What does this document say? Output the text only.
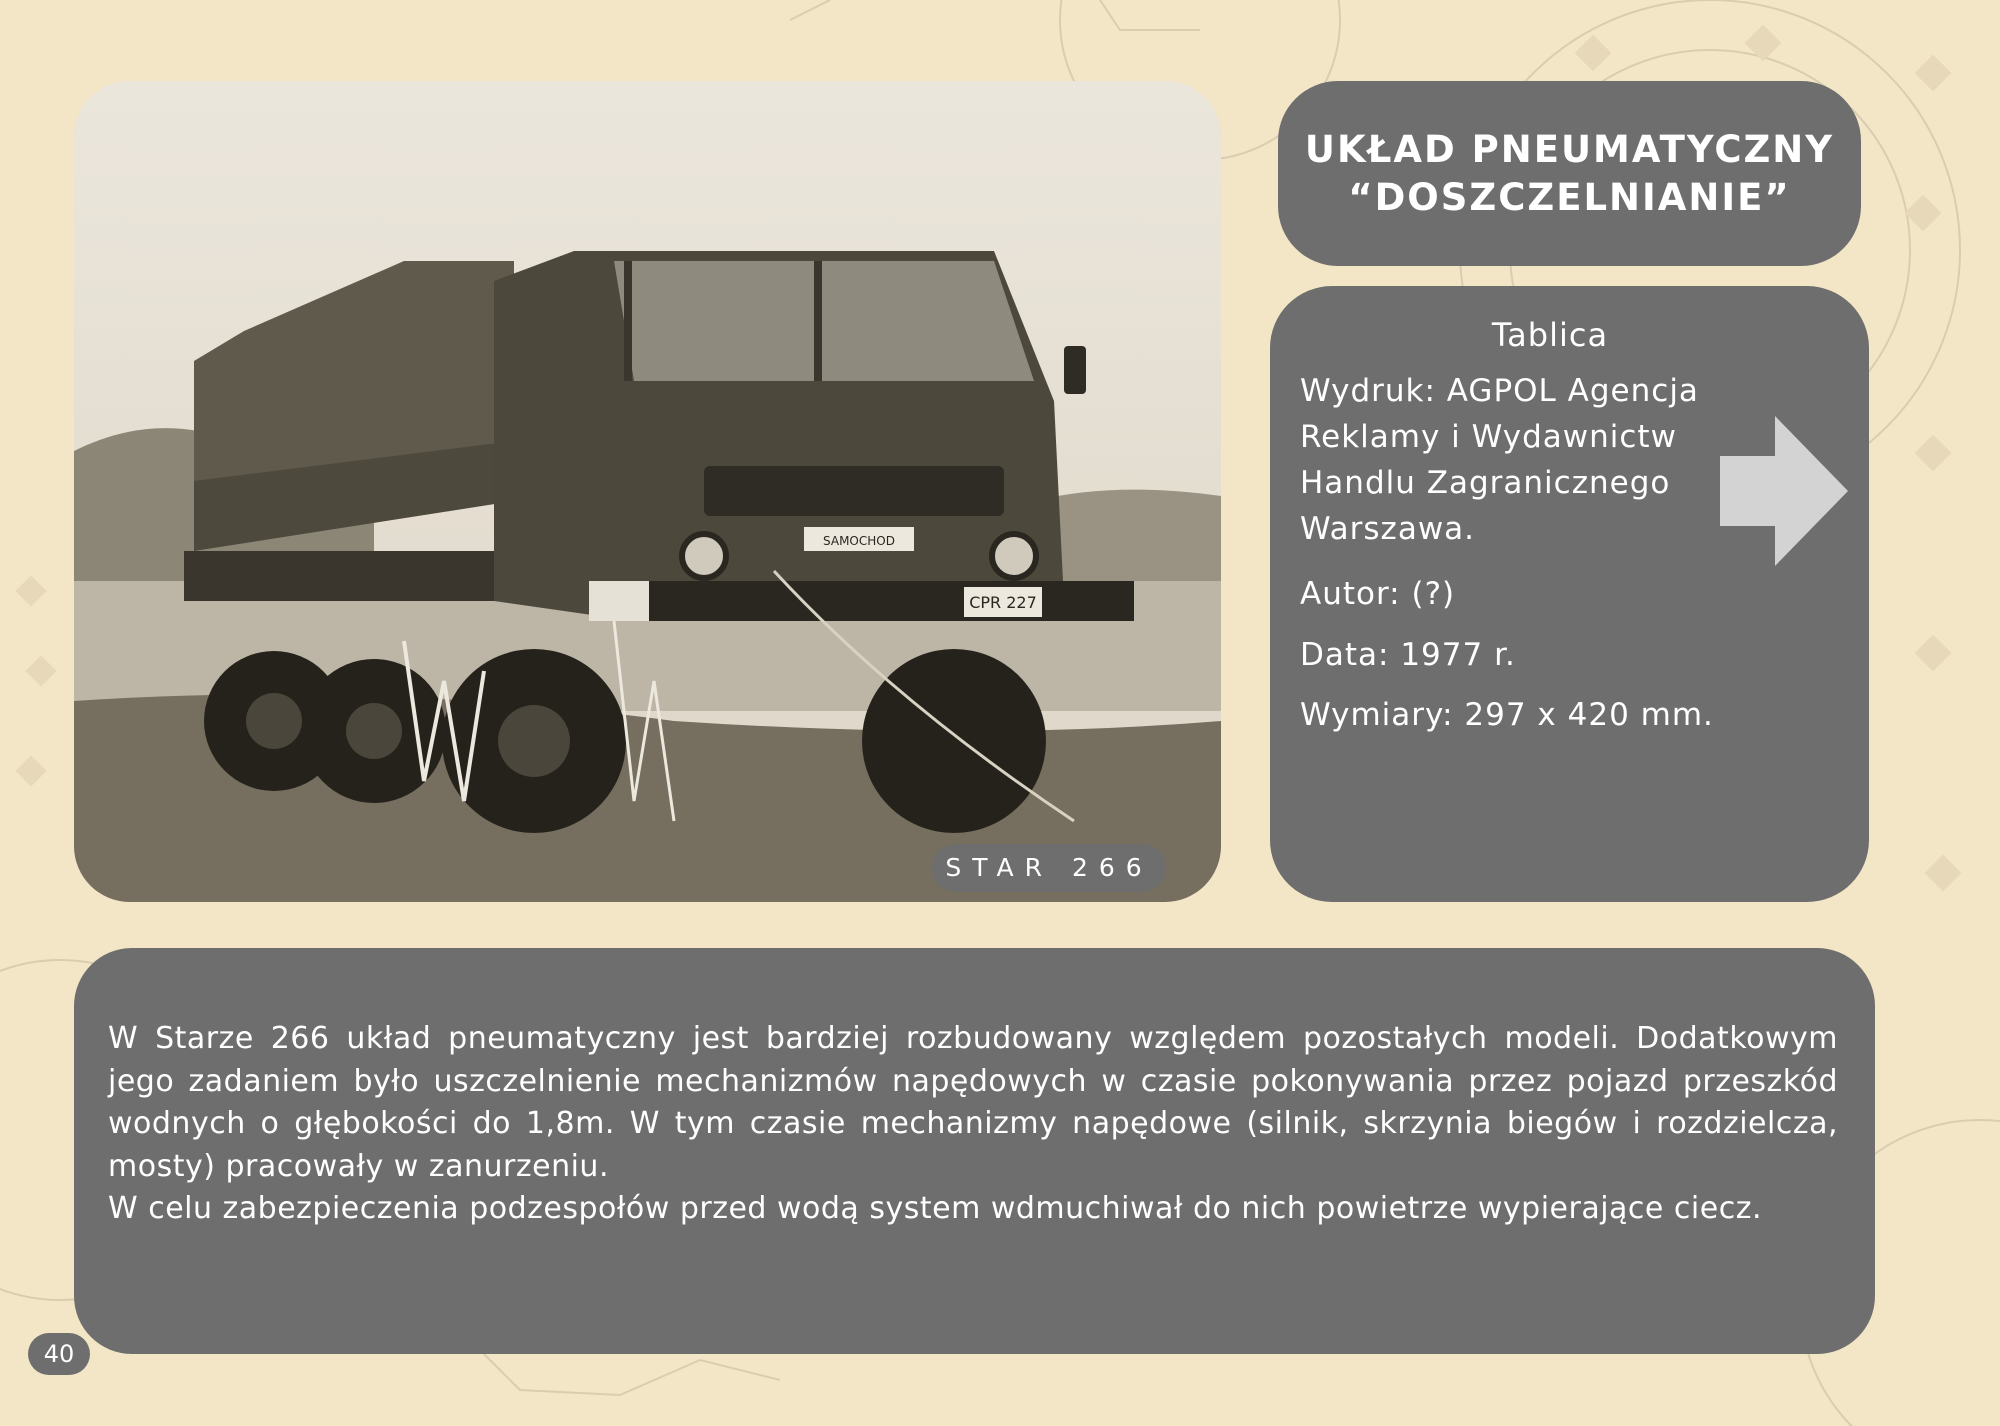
SAMOCHOD
CPR 227
STAR 266
UKŁAD PNEUMATYCZNY
“DOSZCZELNIANIE”
Tablica
Wydruk: AGPOL Agencja Reklamy i Wydawnictw Handlu Zagranicznego Warszawa.
Autor: (?)
Data: 1977 r.
Wymiary: 297 x 420 mm.

W Starze 266 układ pneumatyczny jest bardziej rozbudowany względem pozostałych modeli. Dodatkowym jego zadaniem było uszczelnienie mechanizmów napędowych w czasie pokonywania przez pojazd przeszkód wodnych o głębokości do 1,8m. W tym czasie mechanizmy napędowe (silnik, skrzynia biegów i rozdzielcza, mosty) pracowały w zanurzeniu.

W celu zabezpieczenia podzespołów przed wodą system wdmuchiwał do nich powietrze wypierające ciecz.

40
